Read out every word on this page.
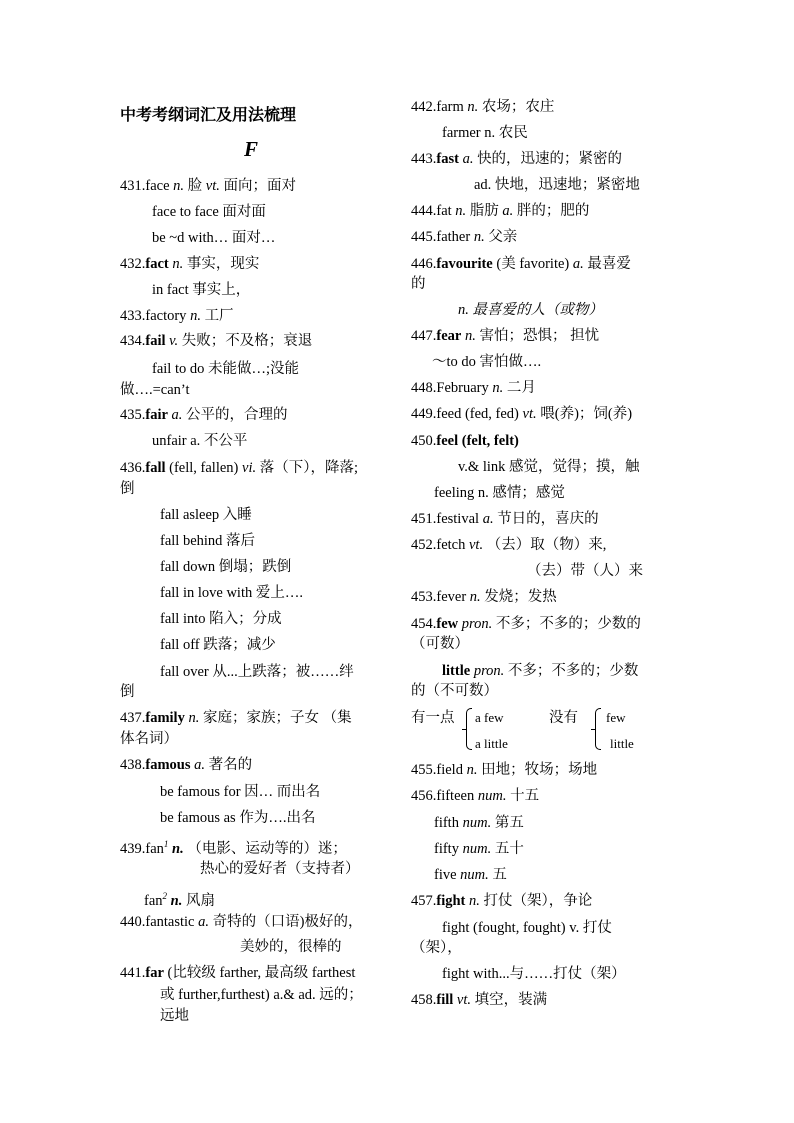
中考考纲词汇及用法梳理
F
431.face n. 脸 vt. 面向；面对
face to face 面对面
be ~d with… 面对…
432.fact n. 事实，现实
in fact 事实上，
433.factory n. 工厂
434.fail v. 失败；不及格；衰退
fail to do 未能做…;没能
做….=can’t
435.fair a. 公平的，合理的
unfair a. 不公平
436.fall (fell, fallen) vi. 落（下），降落;
倒
fall asleep 入睡
fall behind 落后
fall down 倒塌；跌倒
fall in love with 爱上….
fall into 陷入；分成
fall off 跌落；减少
fall over 从...上跌落；被……绊
倒
437.family n. 家庭；家族；子女 （集
体名词）
438.famous a. 著名的
be famous for 因… 而出名
be famous as 作为….出名
439.fan$^1$ n. （电影、运动等的）迷；
热心的爱好者（支持者）
fan$^2$ n. 风扇
440.fantastic a. 奇特的（口语)极好的，
美妙的，很棒的
441.far (比较级 farther, 最高级 farthest
或 further,furthest) a.& ad. 远的；
远地
442.farm n. 农场；农庄
farmer n. 农民
443.fast a. 快的，迅速的；紧密的
ad. 快地，迅速地；紧密地
444.fat n. 脂肪 a. 胖的；肥的
445.father n. 父亲
446.favourite (美 favorite) a. 最喜爱
的
n. 最喜爱的人（或物）
447.fear n. 害怕；恐惧； 担忧
～to do 害怕做….
448.February n. 二月
449.feed (fed, fed) vt. 喂(养)；饲(养)
450.feel (felt, felt)
v.& link 感觉，觉得；摸，触
feeling n. 感情；感觉
451.festival a. 节日的，喜庆的
452.fetch vt. （去）取（物）来,
（去）带（人）来
453.fever n. 发烧；发热
454.few pron. 不多；不多的；少数的
（可数）
little pron. 不多；不多的；少数
的（不可数）
有一点 a few
a little
没有 few
little
455.field n. 田地；牧场；场地
456.fifteen num. 十五
fifth num. 第五
fifty num. 五十
five num. 五
457.fight n. 打仗（架），争论
fight (fought, fought) v. 打仗
（架），
fight with...与……打仗（架）
458.fill vt. 填空，装满
